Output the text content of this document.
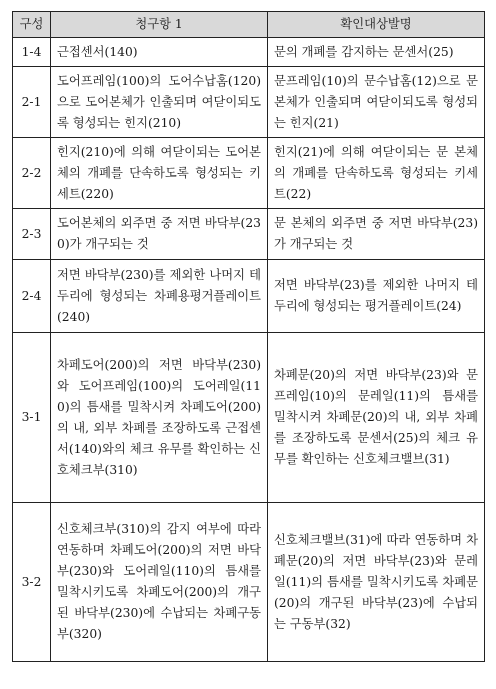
구성	청구항 1	확인대상발명
1-4	근접센서(140)	문의 개폐를 감지하는 문센서(25)
2-1	도어프레임(100)의 도어수납홈(120)으로 도어본체가 인출되며 여닫이되도록 형성되는 힌지(210)	문프레임(10)의 문수납홈(12)으로 문 본체가 인출되며 여닫이되도록 형성되는 힌지(21)
2-2	힌지(210)에 의해 여닫이되는 도어본체의 개폐를 단속하도록 형성되는 키세트(220)	힌지(21)에 의해 여닫이되는 문 본체의 개폐를 단속하도록 형성되는 키세트(22)
2-3	도어본체의 외주면 중 저면 바닥부(230)가 개구되는 것	문 본체의 외주면 중 저면 바닥부(23)가 개구되는 것
2-4	저면 바닥부(230)를 제외한 나머지 테두리에 형성되는 차폐용평거플레이트(240)	저면 바닥부(23)를 제외한 나머지 테두리에 형성되는 평거플레이트(24)
3-1	차페도어(200)의 저면 바닥부(230)와 도어프레임(100)의 도어레일(110)의 틈새를 밀착시켜 차폐도어(200)의 내, 외부 차폐를 조장하도록 근접센서(140)와의 체크 유무를 확인하는 신호체크부(310)	차폐문(20)의 저면 바닥부(23)와 문프레임(10)의 문레일(11)의 틈새를 밀착시켜 차폐문(20)의 내, 외부 차폐를 조장하도록 문센서(25)의 체크 유무를 확인하는 신호체크밸브(31)
3-2	신호체크부(310)의 감지 여부에 따라 연동하며 차폐도어(200)의 저면 바닥부(230)와 도어레일(110)의 틈새를 밀착시키도록 차폐도어(200)의 개구된 바닥부(230)에 수납되는 차폐구동부(320)	신호체크밸브(31)에 따라 연동하며 차폐문(20)의 저면 바닥부(23)와 문레일(11)의 틈새를 밀착시키도록 차폐문(20)의 개구된 바닥부(23)에 수납되는 구동부(32)
